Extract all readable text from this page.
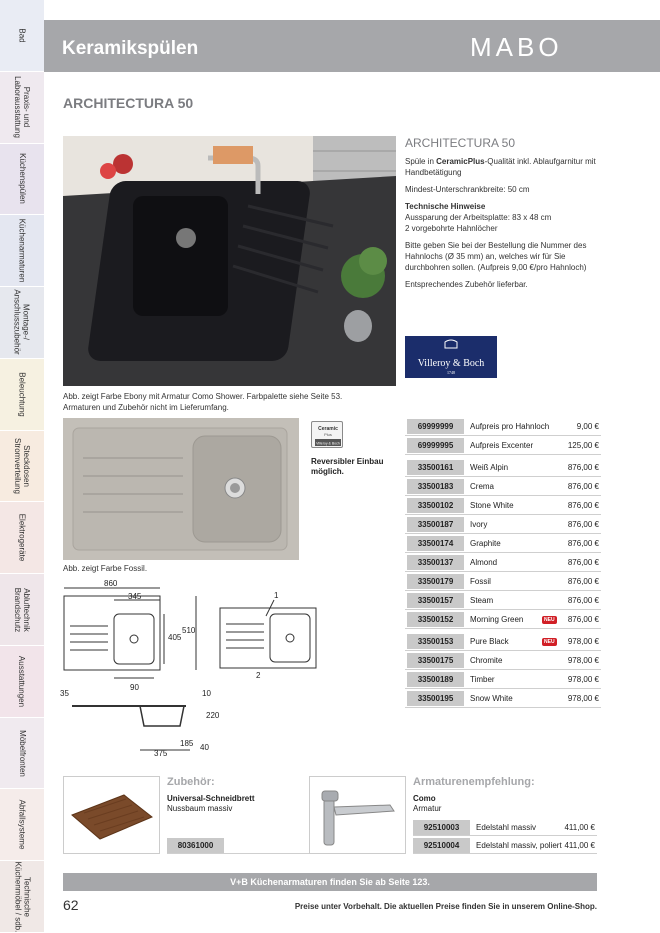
Bad
Praxis- und
Laborausstattung
Küchenspülen
Küchenarmaturen
Montage-/
Anschlusszubehör
Beleuchtung
Steckdosen
Stromverteilung
Elektrogeräte
Abluftechnik
Brandschutz
Ausstattungen
Möbelfronten
Abfallsysteme
Technische
Küchenmöbel / sdb.
Keramikspülen	MABO
ARCHITECTURA 50
Abb. zeigt Farbe Ebony mit Armatur Como Shower. Farbpalette siehe Seite 53.
Armaturen und Zubehör nicht im Lieferumfang.
ARCHITECTURA 50

Spüle in CeramicPlus-Qualität inkl. Ablaufgarnitur mit Handbetätigung

Mindest-Unterschrankbreite: 50 cm

Technische Hinweise

Aussparung der Arbeitsplatte: 83 x 48 cm

2 vorgebohrte Hahnlöcher

Bitte geben Sie bei der Bestellung die Nummer des Hahnlochs (Ø 35 mm) an, welches wir für Sie durchbohren sollen. (Aufpreis 9,00 €/pro Hahnloch)

Entsprechendes Zubehör lieferbar.

Villeroy & Boch
1748
Ceramic
Plus
Villeroy & Boch
Reversibler Einbau möglich.
Abb. zeigt Farbe Fossil.
860
345
510
405
90
1
2
35	10
220
185
375
40
69999999	Aufpreis pro Hahnloch	9,00 €
69999995	Aufpreis Excenter	125,00 €
33500161	Weiß Alpin	876,00 €
33500183	Crema	876,00 €
33500102	Stone White	876,00 €
33500187	Ivory	876,00 €
33500174	Graphite	876,00 €
33500137	Almond	876,00 €
33500179	Fossil	876,00 €
33500157	Steam	876,00 €
33500152	Morning Green	NEU	876,00 €
33500153	Pure Black	NEU	978,00 €
33500175	Chromite	978,00 €
33500189	Timber	978,00 €
33500195	Snow White	978,00 €
Zubehör:
Universal-Schneidbrett
Nussbaum massiv
80361000
Armaturenempfehlung:
Como
Armatur
92510003	Edelstahl massiv	411,00 €
92510004	Edelstahl massiv, poliert 411,00 €
V+B Küchenarmaturen finden Sie ab Seite 123.
62	Preise unter Vorbehalt. Die aktuellen Preise finden Sie in unserem Online-Shop.
